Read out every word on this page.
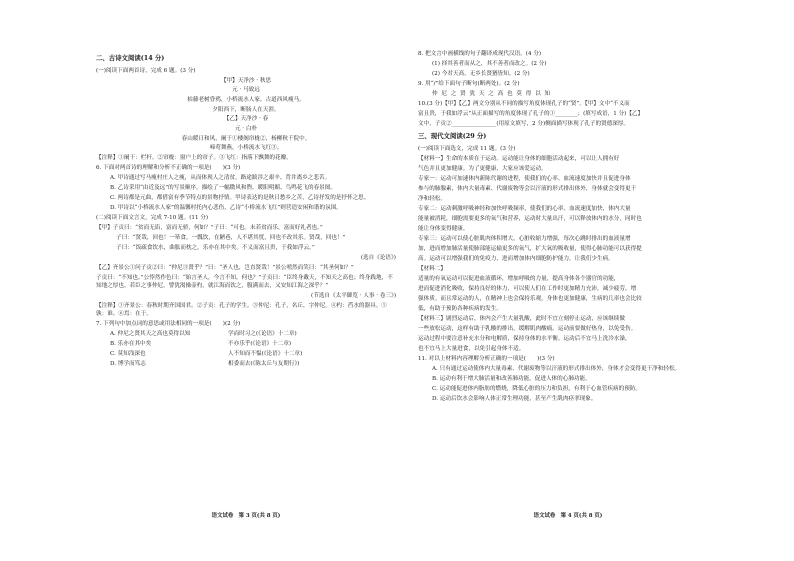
二、古诗文阅读(14 分)

(一)阅读下面两首诗，完成 6 题。(3 分)

【甲】天净沙 · 秋思

元 · 马致远

枯藤老树昏鸦，小桥流水人家。古道西风瘦马。

夕阳西下，断肠人在天涯。

【乙】天净沙 · 春

元 · 白朴

春山暖日和风，阑干①楼阁帘栊②，杨柳秋千院中。

啼莺舞燕，小桥流水飞红③。

【注释】①阑干：栏杆。②帘栊：窗户上的帘子。③飞红：指落下飘舞的花瓣。

6. 下面对两首诗的理解和分析不正确的一项是(　　)(3 分)

A. 甲诗通过写马瘦村庄人之瘦，从而体现人之清贫，路途跋涉之艰辛、背井离乡之悲苦。

B. 乙诗采用“由近及远”的写景顺序，描绘了一幅微风和煦、暖阳明媚、鸟鸣花飞的春景图。

C. 两诗都是元曲，都借富有季节特点的景物抒情。甲诗表达的是秋日愁乡之苦，乙诗抒发的是抒怀之思。

D. 甲诗以“小桥流水人家”的温馨村托内心悲伤，乙诗“小桥流水飞红”则营造安闲和谐的氛围。

(二)阅读下面文言文，完成 7-10 题。(11 分)

【甲】子贡曰：“贫而无谄，富而无骄，何如？”子曰：“可也。未若贫而乐，富而好礼者也。”

子曰：“贤哉，回也！一箪食，一瓢饮，在陋巷，人不堪其忧，回也不改其乐。贤哉，回也！”

子曰：“饭疏食饮水，曲肱而枕之，乐亦在其中矣。不义而富且贵，于我如浮云。”

(选自《论语》)

【乙】齐景公①问子贡②曰：“仲尼③贤乎？”曰：“圣人也，岂直贤哉！”景公嘻然而笑曰：“其圣何如？”

子贡曰：“不知也。”公悖然作色曰：“始言圣人，今言不知，何也？”子贡曰：“臣终身戴天，不知天之高也；终身践地，不知地之厚也。若臣之事仲尼，譬犹渴操壶杓，就江海而饮之，腹满而去，又安知江海之深乎？”

(节选自《太平御览 · 人事 · 卷三》)

【注释】①齐景公：春秋时期齐国国君。②子贡：孔子的学生。③仲尼：孔子，名丘，字仲尼。④杓：舀水的器具。⑤孰：谁。⑥焉：在于。

7. 下列句中加点词的意思或用法相同的一项是(　　)(2 分)

A. 仲尼之贤其天之高也莫得以知	学而时习之(《论语》十二章)
B. 乐亦在其中矣	不亦乐乎(《论语》十二章)
C. 莫知浅深也	人不知而不愠(《论语》十二章)
D. 博学而笃志	相委而去(《陈太丘与友期行》)
语文试卷　第 3 页(共 8 页)

8. 把文言中画横线的句子翻译成现代汉语。(4 分)

(1) 择其善者而从之，其不善者而改之。(2 分)

(2) 今君天高，无乡长贤猶皆知。(2 分)

9. 用“/”给下面句子断句(断两处)。(2 分)

仲 尼 之 贤 犹 天 之 高 也 莫 得 以 知

10.(3 分)【甲】【乙】两文分别从不同的描写角度体现孔子的“贤”。【甲】文中“不义而

富且贵，于我如浮云”从正面描写的角度体现了孔子的①________；(填写成语，1 分)【乙】

文中，子贡②________________(用原文填写，2 分)侧面描写体现了孔子的贤德深厚。

三、现代文阅读(29 分)

(一)阅读下面选文，完成 11 题。(3 分)

【材料一】生命的本质在于运动。运动能让身体的细胞活动起来，可以让人拥有好

气色并且更加健康。为了更健康，大家应该爱运动。

专家一：运动可加速体内新陈代谢的进程，使我们的心率、血流速度加快并且促进身体

参与的肺腺素，体内大量毒素、代谢废物等会以汗液的形式排出体外，身体就会变得更干

净和轻松。

专家二：运动刺激呼吸神经和加快呼吸频率，使我们的心率、血流速度加快，体内大量

能量被消耗，细胞需要更多的氧气和营养，运动时大量出汗，可以释放体内的水分，同时也

能让身体变得健康。

专家三：运动可以使心脏肌肉体积增大，心脏收缩力增强，每次心跳时排出的血液量增

加，进而增加肺活量使肺部能运输更多的氧气，扩大氧的吸收量，使得心肺功能可以获得提

高。运动可以增强我们的免疫力，进而增加体内细胞防护能力，让我们少生病。

【材料二】

适量的有氧运动可以促进血液循环，增加呼吸的力量，提高身体各个器官的功能，

进而促进消化吸收，保持良好的体力，可以使人们在工作时更加精力充沛，减少疲劳，增

强体质。而且常运动的人，在精神上也会保持乐观，身体也更加健康，生病的几率也会比较

低，有助于预防各种疾病的发生。

【材料三】剧烈运动后，体内会产生大量乳酸，此时不宜立刻停止运动，应该继续做

一些放松运动，这样有助于乳酸的排出，缓解肌肉酸痛。运动前要做好热身，以免受伤。

运动过程中要注意补充水分和电解质，保持身体的水平衡。运动后不宜马上洗冷水澡，

也不宜马上大量进食，以免引起身体不适。

11. 对以上材料内容理解分析正确的一项是(　　)(3 分)

A. 只有通过运动使体内大量毒素、代谢废物等以汗液的形式排出体外，身体才会变得更干净和轻松。

B. 运动有利于增大肺活量和改善肺功能，促进人体的心肺功能。

C. 运动能促进体内脂肪的燃烧，降低心脏的压力和负担，有利于心血管疾病的预防。

D. 运动后饮水会影响人体正常生理功能，甚至产生肌肉痉挛现象。

语文试卷　第 4 页(共 8 页)
